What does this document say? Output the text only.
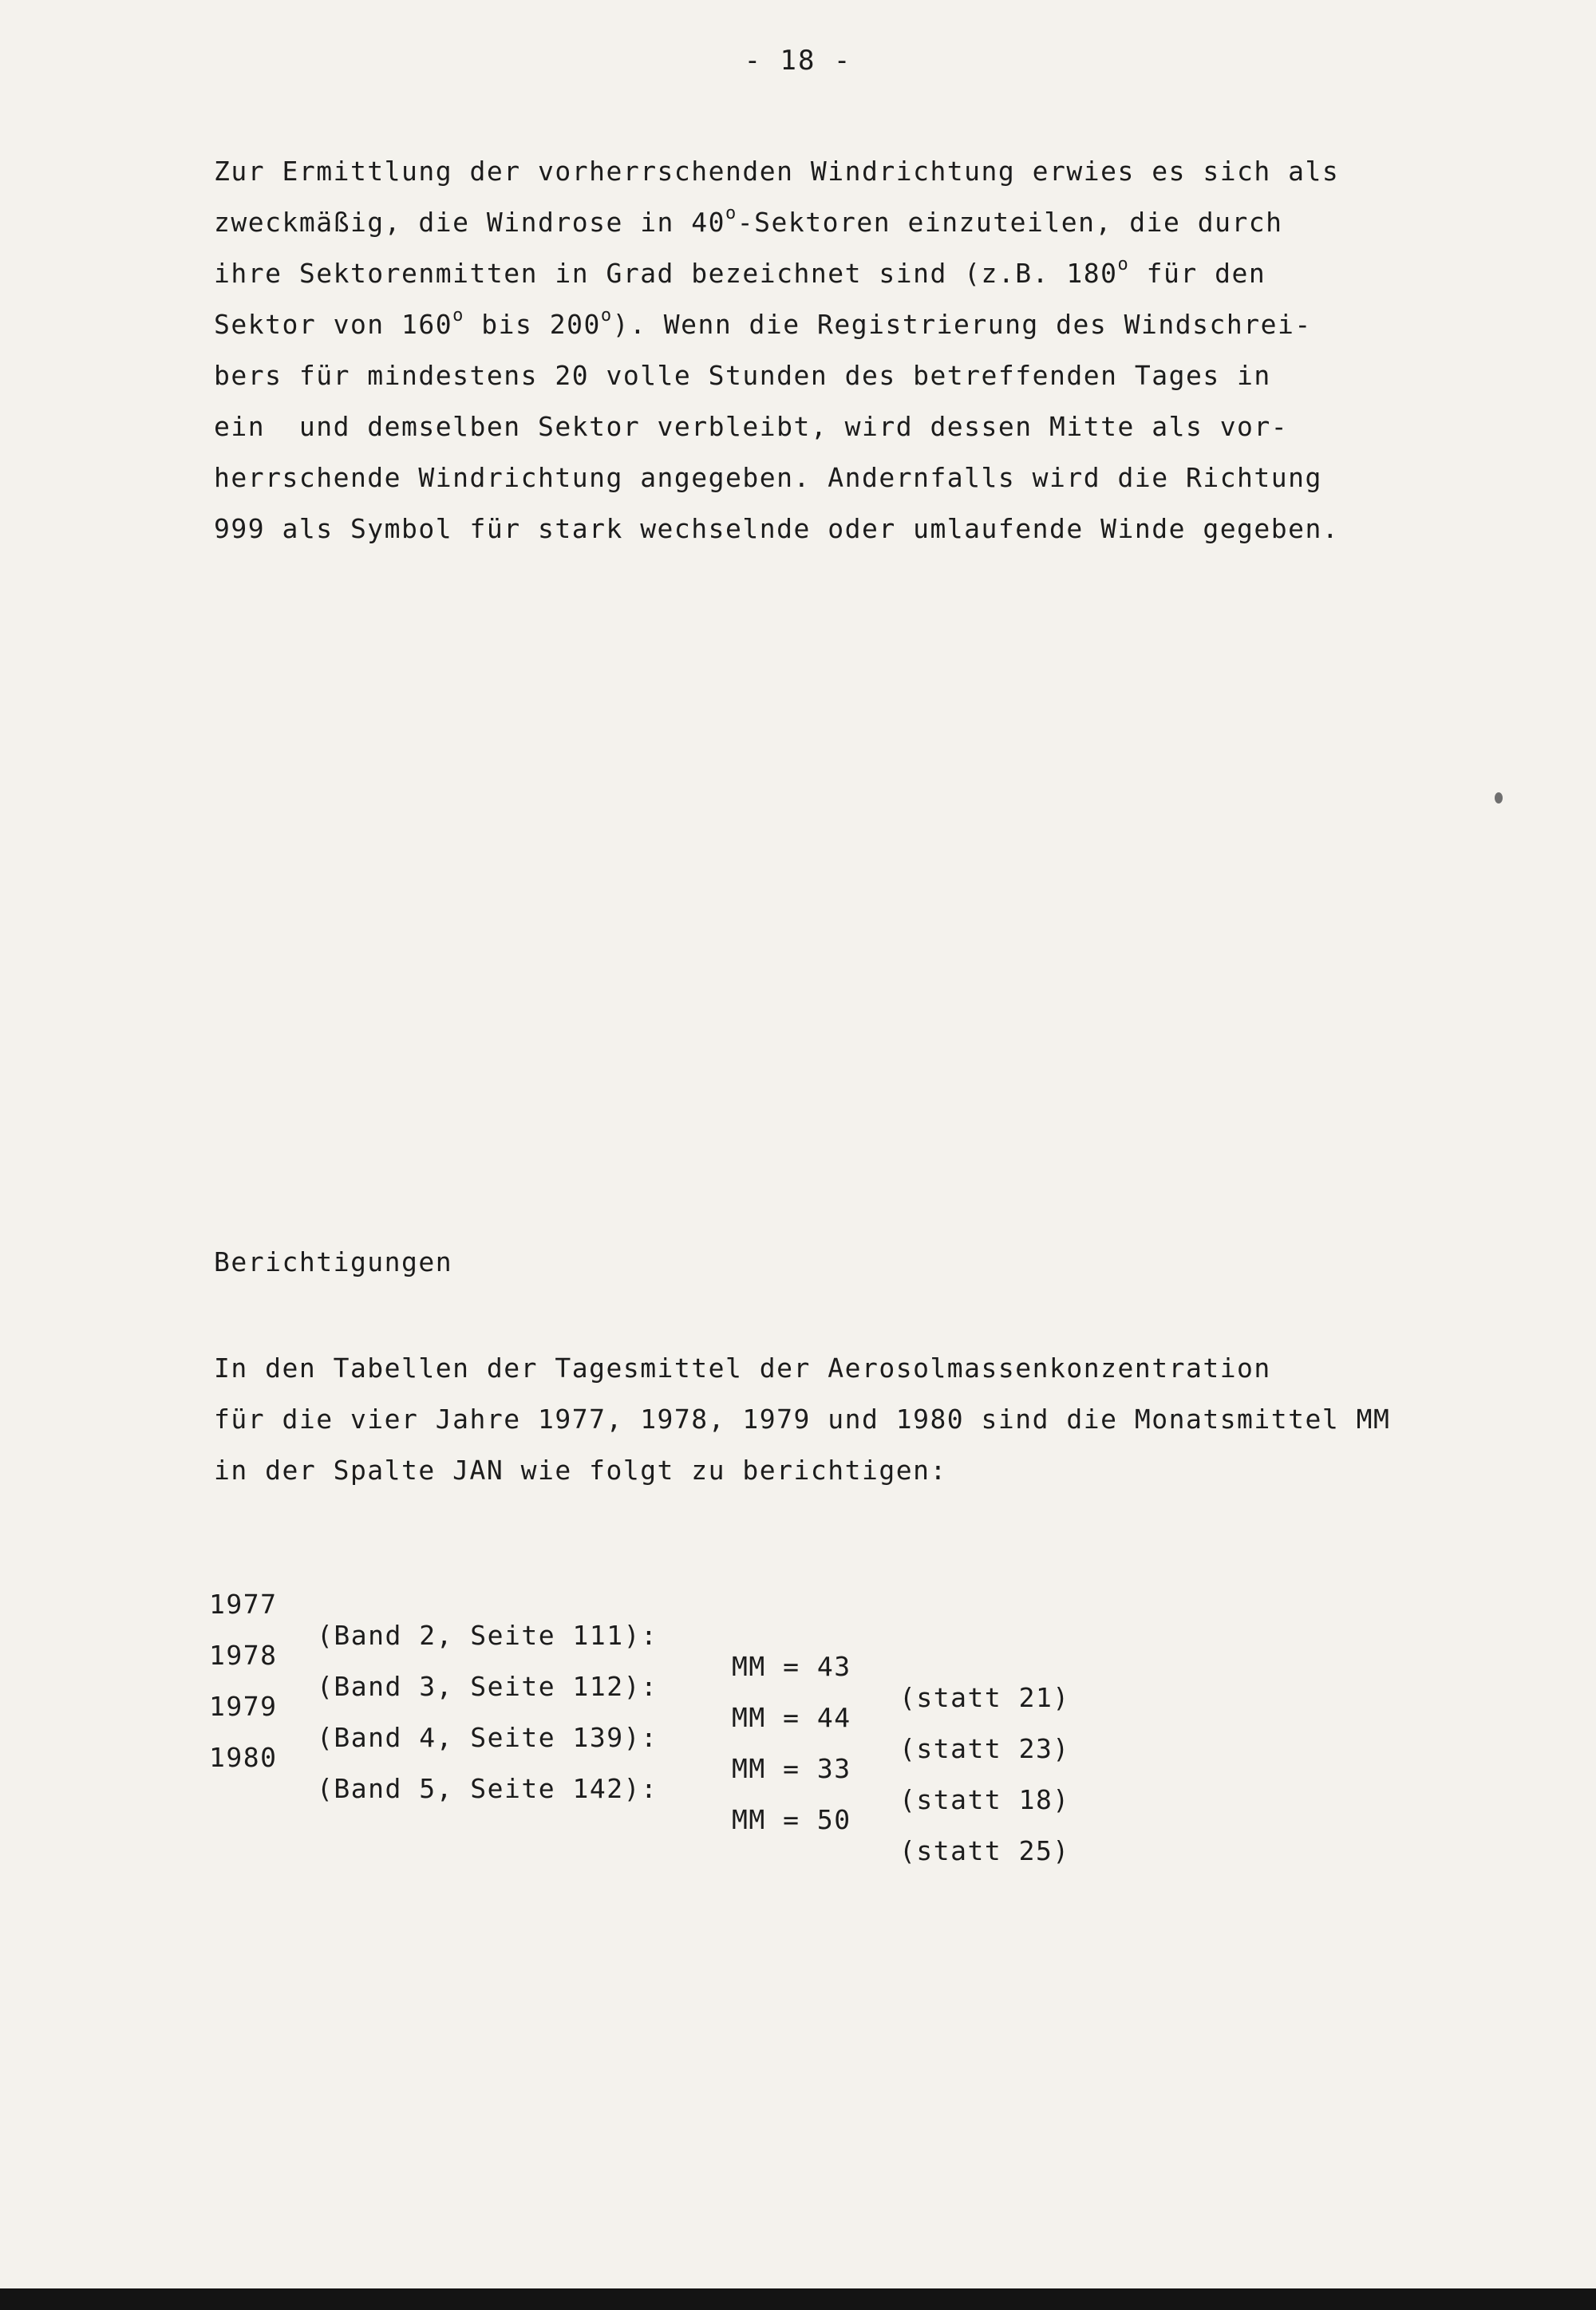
- 18 -
Zur Ermittlung der vorherrschenden Windrichtung erwies es sich als
zweckmäßig, die Windrose in 40$^o$-Sektoren einzuteilen, die durch
ihre Sektorenmitten in Grad bezeichnet sind (z.B. 180$^o$ für den
Sektor von 160$^o$ bis 200$^o$). Wenn die Registrierung des Windschrei-
bers für mindestens 20 volle Stunden des betreffenden Tages in
ein  und demselben Sektor verbleibt, wird dessen Mitte als vor-
herrschende Windrichtung angegeben. Andernfalls wird die Richtung
999 als Symbol für stark wechselnde oder umlaufende Winde gegeben.
Berichtigungen
In den Tabellen der Tagesmittel der Aerosolmassenkonzentration
für die vier Jahre 1977, 1978, 1979 und 1980 sind die Monatsmittel MM
in der Spalte JAN wie folgt zu berichtigen:

1977

(Band 2, Seite 111):

MM = 43

(statt 21)

1978

(Band 3, Seite 112):

MM = 44

(statt 23)

1979

(Band 4, Seite 139):

MM = 33

(statt 18)

1980

(Band 5, Seite 142):

MM = 50

(statt 25)
